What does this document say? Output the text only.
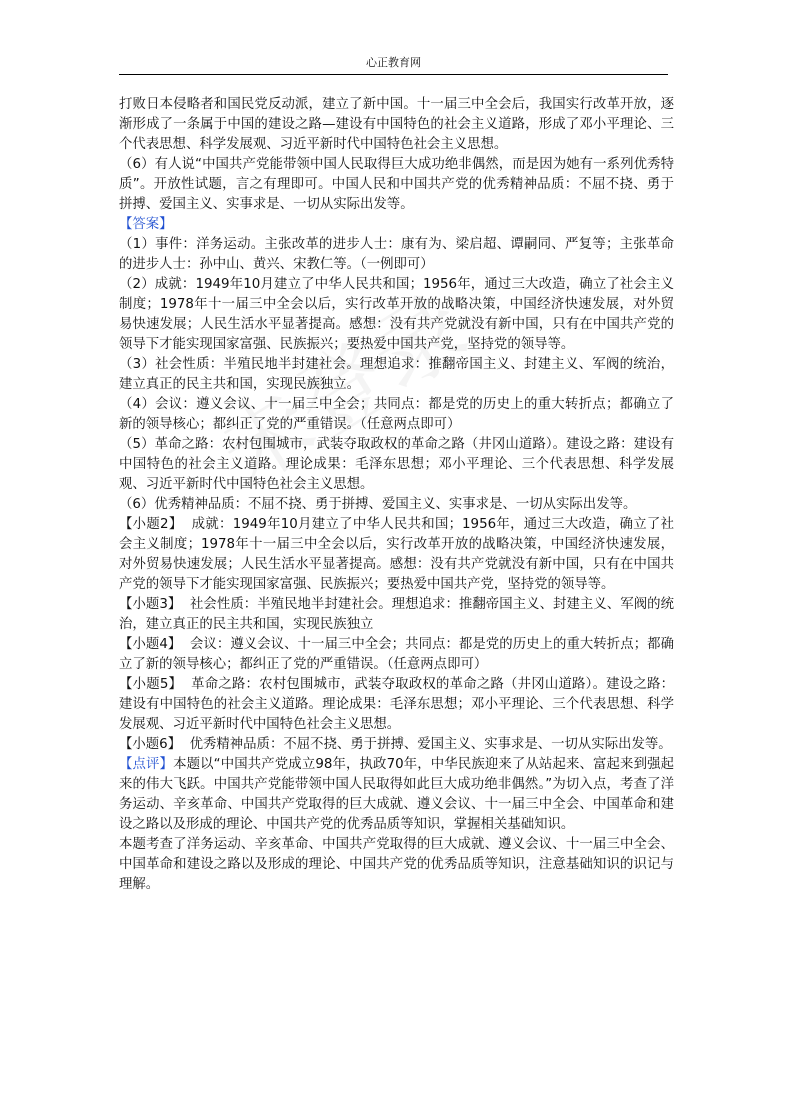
心正教育网

打败日本侵略者和国民党反动派，建立了新中国。十一届三中全会后，我国实行改革开放，逐渐形成了一条属于中国的建设之路—建设有中国特色的社会主义道路，形成了邓小平理论、三个代表思想、科学发展观、习近平新时代中国特色社会主义思想。

（6）有人说“中国共产党能带领中国人民取得巨大成功绝非偶然，而是因为她有一系列优秀特质”。开放性试题，言之有理即可。中国人民和中国共产党的优秀精神品质：不屈不挠、勇于拼搏、爱国主义、实事求是、一切从实际出发等。

【答案】

（1）事件：洋务运动。主张改革的进步人士：康有为、梁启超、谭嗣同、严复等；主张革命的进步人士：孙中山、黄兴、宋教仁等。（一例即可）

（2）成就：1949年10月建立了中华人民共和国；1956年，通过三大改造，确立了社会主义制度；1978年十一届三中全会以后，实行改革开放的战略决策，中国经济快速发展，对外贸易快速发展；人民生活水平显著提高。感想：没有共产党就没有新中国，只有在中国共产党的领导下才能实现国家富强、民族振兴；要热爱中国共产党，坚持党的领导等。

（3）社会性质：半殖民地半封建社会。理想追求：推翻帝国主义、封建主义、军阀的统治，建立真正的民主共和国，实现民族独立。

（4）会议：遵义会议、十一届三中全会；共同点：都是党的历史上的重大转折点；都确立了新的领导核心；都纠正了党的严重错误。（任意两点即可）

（5）革命之路：农村包围城市，武装夺取政权的革命之路（井冈山道路）。建设之路：建设有中国特色的社会主义道路。理论成果：毛泽东思想；邓小平理论、三个代表思想、科学发展观、习近平新时代中国特色社会主义思想。

（6）优秀精神品质：不屈不挠、勇于拼搏、爱国主义、实事求是、一切从实际出发等。

【小题2】 成就：1949年10月建立了中华人民共和国；1956年，通过三大改造，确立了社会主义制度；1978年十一届三中全会以后，实行改革开放的战略决策，中国经济快速发展，对外贸易快速发展；人民生活水平显著提高。感想：没有共产党就没有新中国，只有在中国共产党的领导下才能实现国家富强、民族振兴；要热爱中国共产党，坚持党的领导等。

【小题3】 社会性质：半殖民地半封建社会。理想追求：推翻帝国主义、封建主义、军阀的统治，建立真正的民主共和国，实现民族独立

【小题4】 会议：遵义会议、十一届三中全会；共同点：都是党的历史上的重大转折点；都确立了新的领导核心；都纠正了党的严重错误。（任意两点即可）

【小题5】 革命之路：农村包围城市，武装夺取政权的革命之路（井冈山道路）。建设之路：建设有中国特色的社会主义道路。理论成果：毛泽东思想；邓小平理论、三个代表思想、科学发展观、习近平新时代中国特色社会主义思想。

【小题6】 优秀精神品质：不屈不挠、勇于拼搏、爱国主义、实事求是、一切从实际出发等。

【点评】本题以“中国共产党成立98年，执政70年，中华民族迎来了从站起来、富起来到强起来的伟大飞跃。中国共产党能带领中国人民取得如此巨大成功绝非偶然。”为切入点，考查了洋务运动、辛亥革命、中国共产党取得的巨大成就、遵义会议、十一届三中全会、中国革命和建设之路以及形成的理论、中国共产党的优秀品质等知识，掌握相关基础知识。

本题考查了洋务运动、辛亥革命、中国共产党取得的巨大成就、遵义会议、十一届三中全会、中国革命和建设之路以及形成的理论、中国共产党的优秀品质等知识，注意基础知识的识记与理解。
